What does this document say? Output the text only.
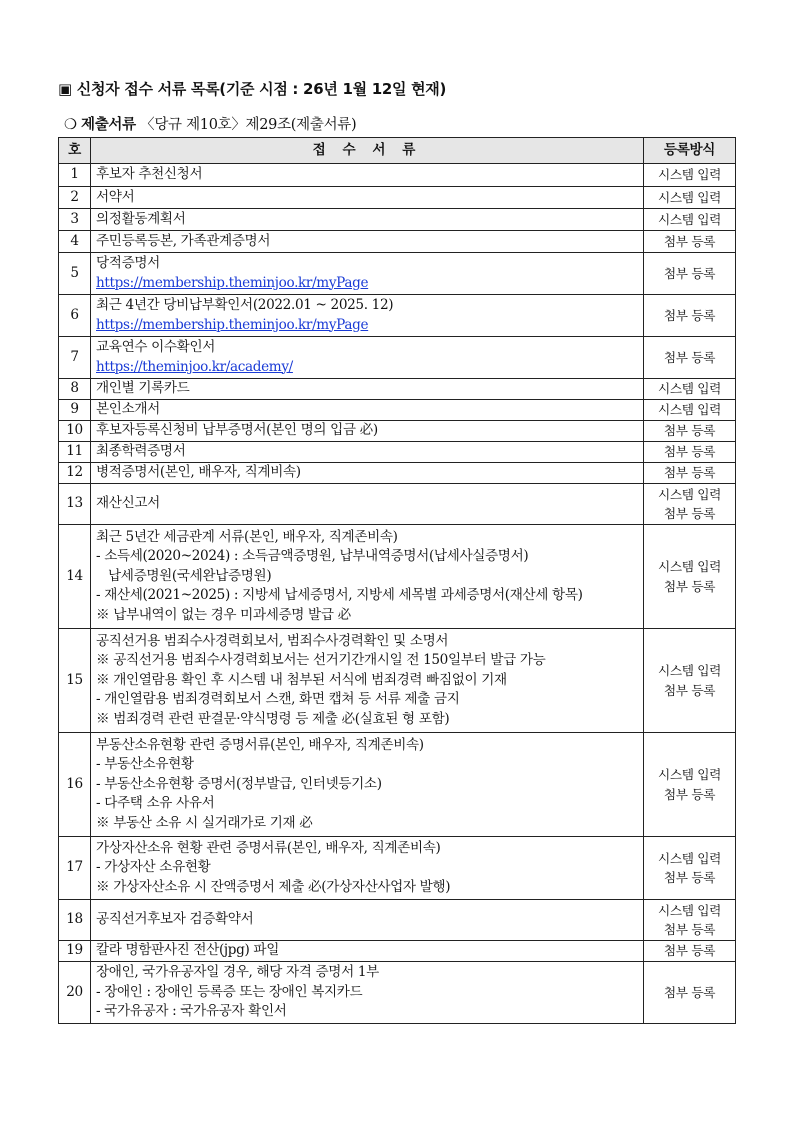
▣ 신청자 접수 서류 목록(기준 시점 : 26년 1월 12일 현재)
❍ 제출서류 〈당규 제10호〉제29조(제출서류)
호	접 수 서 류	등록방식
1	후보자 추천신청서	시스템 입력

2	서약서	시스템 입력

3	의정활동계획서	시스템 입력

4	주민등록등본, 가족관계증명서	첨부 등록

5	당적증명서
https://membership.theminjoo.kr/myPage	첨부 등록

6	최근 4년간 당비납부확인서(2022.01 ~ 2025. 12)
https://membership.theminjoo.kr/myPage	첨부 등록

7	교육연수 이수확인서
https://theminjoo.kr/academy/	첨부 등록

8	개인별 기록카드	시스템 입력

9	본인소개서	시스템 입력

10	후보자등록신청비 납부증명서(본인 명의 입금 必)	첨부 등록

11	최종학력증명서	첨부 등록

12	병적증명서(본인, 배우자, 직계비속)	첨부 등록

13	재산신고서	시스템 입력
첨부 등록

14	최근 5년간 세금관계 서류(본인, 배우자, 직계존비속)
- 소득세(2020~2024) : 소득금액증명원, 납부내역증명서(납세사실증명서)
납세증명원(국세완납증명원)
- 재산세(2021~2025) : 지방세 납세증명서, 지방세 세목별 과세증명서(재산세 항목)
※ 납부내역이 없는 경우 미과세증명 발급 必	시스템 입력
첨부 등록

15	공직선거용 범죄수사경력회보서, 범죄수사경력확인 및 소명서
※ 공직선거용 범죄수사경력회보서는 선거기간개시일 전 150일부터 발급 가능
※ 개인열람용 확인 후 시스템 내 첨부된 서식에 범죄경력 빠짐없이 기재
- 개인열람용 범죄경력회보서 스캔, 화면 캡쳐 등 서류 제출 금지
※ 범죄경력 관련 판결문·약식명령 등 제출 必(실효된 형 포함)	시스템 입력
첨부 등록

16	부동산소유현황 관련 증명서류(본인, 배우자, 직계존비속)
- 부동산소유현황
- 부동산소유현황 증명서(정부발급, 인터넷등기소)
- 다주택 소유 사유서
※ 부동산 소유 시 실거래가로 기재 必	시스템 입력
첨부 등록

17	가상자산소유 현황 관련 증명서류(본인, 배우자, 직계존비속)
- 가상자산 소유현황
※ 가상자산소유 시 잔액증명서 제출 必(가상자산사업자 발행)	시스템 입력
첨부 등록

18	공직선거후보자 검증확약서	시스템 입력
첨부 등록

19	칼라 명함판사진 전산(jpg) 파일	첨부 등록

20	장애인, 국가유공자일 경우, 해당 자격 증명서 1부
- 장애인 : 장애인 등록증 또는 장애인 복지카드
- 국가유공자 : 국가유공자 확인서	첨부 등록
